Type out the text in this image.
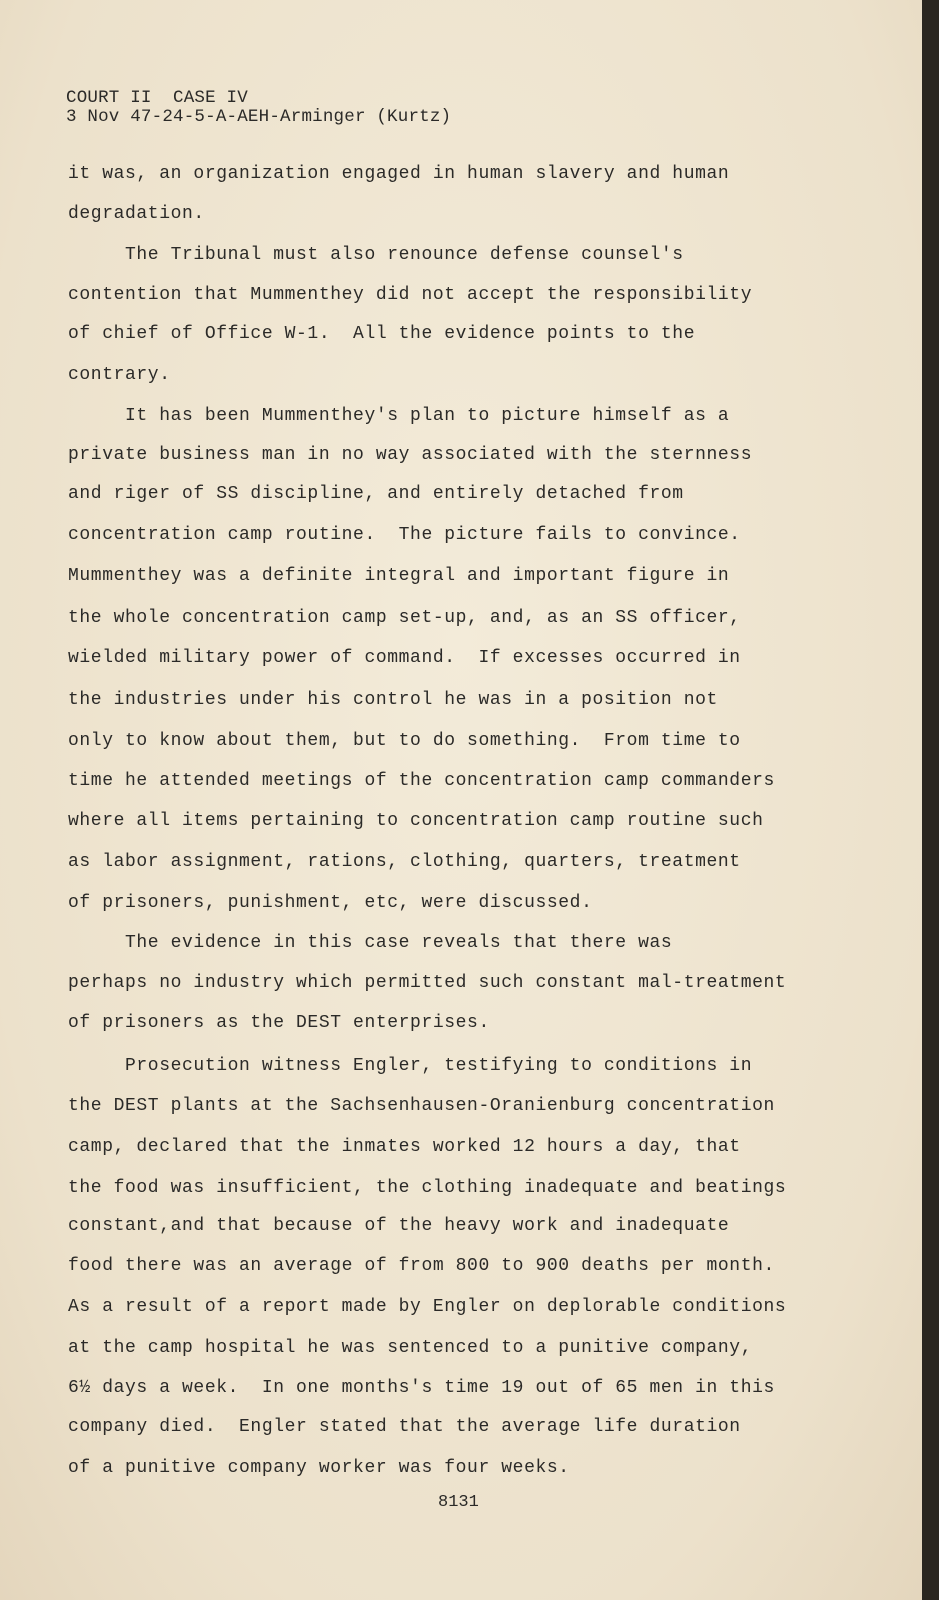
COURT II  CASE IV
3 Nov 47-24-5-A-AEH-Arminger (Kurtz)
it was, an organization engaged in human slavery and human
degradation.
The Tribunal must also renounce defense counsel's
contention that Mummenthey did not accept the responsibility
of chief of Office W-1.  All the evidence points to the
contrary.
It has been Mummenthey's plan to picture himself as a
private business man in no way associated with the sternness
and riger of SS discipline, and entirely detached from
concentration camp routine.  The picture fails to convince.
Mummenthey was a definite integral and important figure in
the whole concentration camp set-up, and, as an SS officer,
wielded military power of command.  If excesses occurred in
the industries under his control he was in a position not
only to know about them, but to do something.  From time to
time he attended meetings of the concentration camp commanders
where all items pertaining to concentration camp routine such
as labor assignment, rations, clothing, quarters, treatment
of prisoners, punishment, etc, were discussed.
The evidence in this case reveals that there was
perhaps no industry which permitted such constant mal-treatment
of prisoners as the DEST enterprises.
Prosecution witness Engler, testifying to conditions in
the DEST plants at the Sachsenhausen-Oranienburg concentration
camp, declared that the inmates worked 12 hours a day, that
the food was insufficient, the clothing inadequate and beatings
constant,and that because of the heavy work and inadequate
food there was an average of from 800 to 900 deaths per month.
As a result of a report made by Engler on deplorable conditions
at the camp hospital he was sentenced to a punitive company,
6½ days a week.  In one months's time 19 out of 65 men in this
company died.  Engler stated that the average life duration
of a punitive company worker was four weeks.
8131
